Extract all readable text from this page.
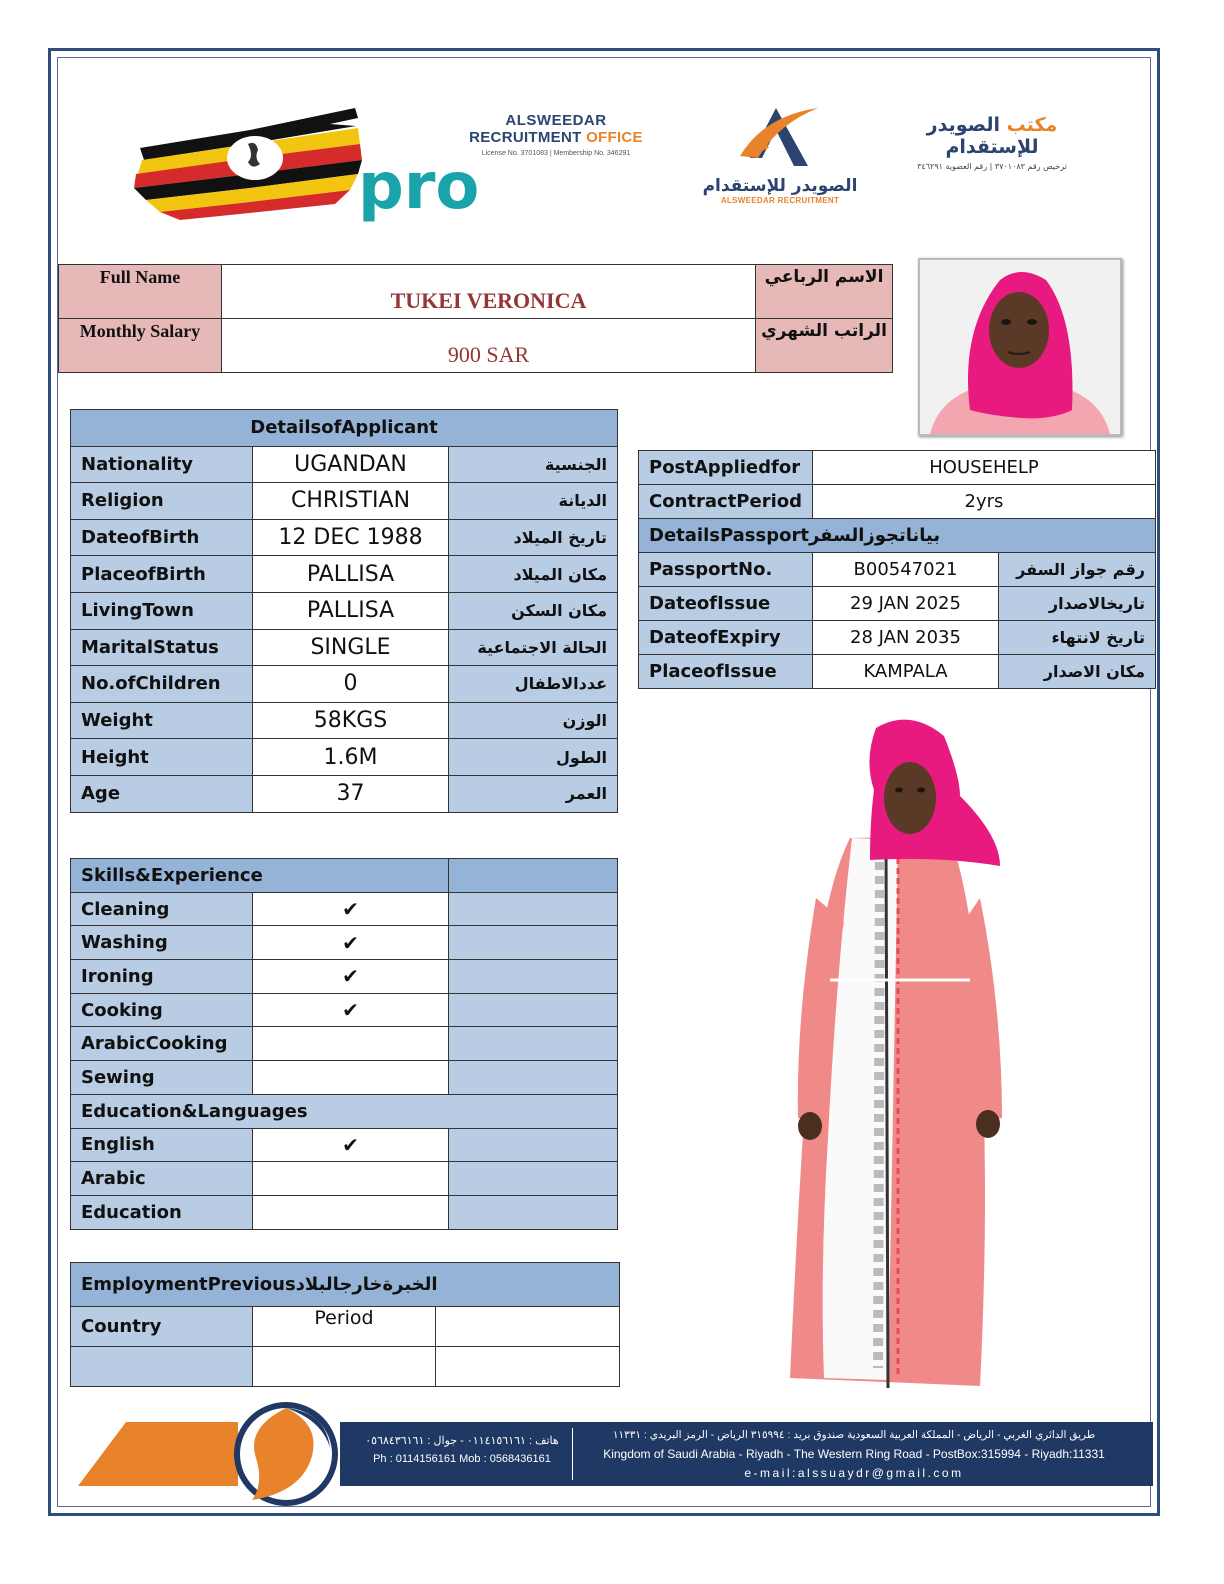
pro
ALSWEEDAR
RECRUITMENT OFFICE
License No. 3701083 | Membership No. 346291
الصويدر للإستقدام
ALSWEEDAR RECRUITMENT
مكتب الصويدر للإستقدام
ترخيص رقم ٣٧٠١٠٨٣ | رقم العضوية ٣٤٦٢٩١
Full Name	TUKEI VERONICA	الاسم الرباعي
Monthly Salary	900 SAR	الراتب الشهري
DetailsofApplicant		
Nationality	UGANDAN	الجنسية
Religion	CHRISTIAN	الديانة
DateofBirth	12 DEC 1988	تاريخ الميلاد
PlaceofBirth	PALLISA	مكان الميلاد
LivingTown	PALLISA	مكان السكن
MaritalStatus	SINGLE	الحالة الاجتماعية
No.ofChildren	0	عددالاطفال
Weight	58KGS	الوزن
Height	1.6M	الطول
Age	37	العمر
PostAppliedfor	HOUSEHELP	
ContractPeriod	2yrs	
DetailsPassportبياناتجوزالسفر		
PassportNo.	B00547021	رقم جواز السفر
DateofIssue	29 JAN 2025	تاريخالاصدار
DateofExpiry	28 JAN 2035	تاريخ لانتهاء
PlaceofIssue	KAMPALA	مكان الاصدار
Skills&Experience		
Cleaning	✔	
Washing	✔	
Ironing	✔	
Cooking	✔	
ArabicCooking		
Sewing		
Education&Languages		
English	✔	
Arabic		
Education		
EmploymentPreviousالخبرةخارجالبلاد		
Country	Period	

هاتف : ٠١١٤١٥٦١٦١ - جوال : ٠٥٦٨٤٣٦١٦١
Ph : 0114156161 Mob : 0568436161
طريق الدائري الغربي - الرياض - المملكة العربية السعودية صندوق بريد : ٣١٥٩٩٤ الرياض - الرمز البريدي : ١١٣٣١
Kingdom of Saudi Arabia - Riyadh - The Western Ring Road - PostBox:315994 - Riyadh:11331
e-mail:alssuaydr@gmail.com
